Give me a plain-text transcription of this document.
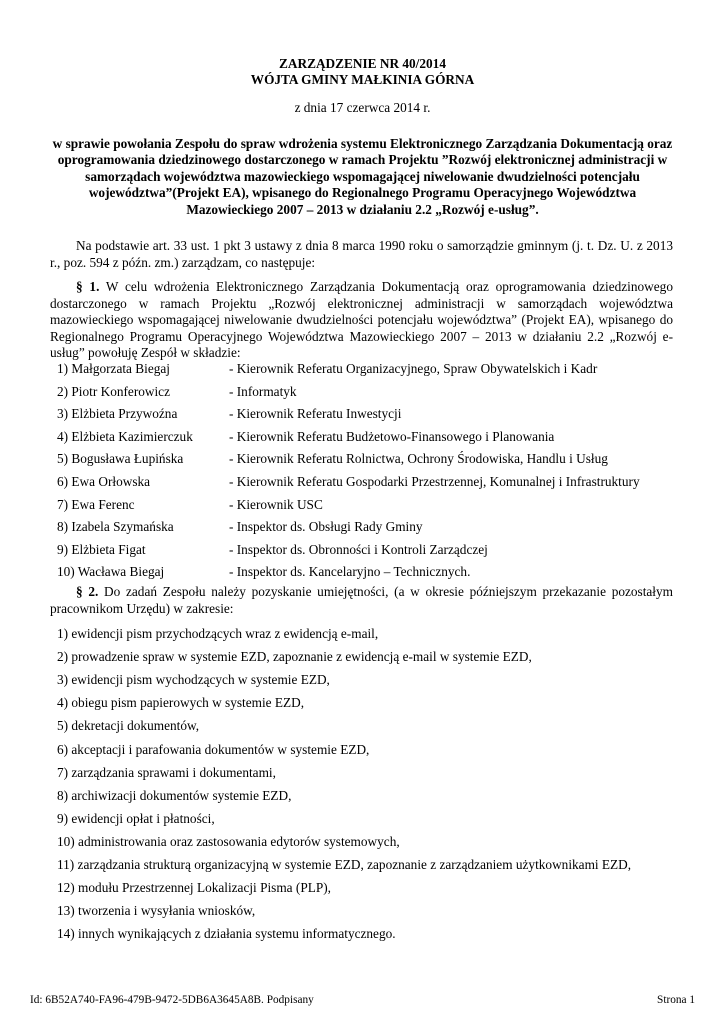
ZARZĄDZENIE NR 40/2014
WÓJTA GMINY MAŁKINIA GÓRNA
z dnia 17 czerwca 2014 r.
w sprawie powołania Zespołu do spraw wdrożenia systemu Elektronicznego Zarządzania Dokumentacją oraz oprogramowania dziedzinowego dostarczonego w ramach Projektu ”Rozwój elektronicznej administracji w samorządach województwa mazowieckiego wspomagającej niwelowanie dwudzielności potencjału województwa”(Projekt EA), wpisanego do Regionalnego Programu Operacyjnego Województwa Mazowieckiego 2007 – 2013 w działaniu 2.2 „Rozwój e-usług”.
Na podstawie art. 33 ust. 1 pkt 3 ustawy z dnia 8 marca 1990 roku o samorządzie gminnym (j. t. Dz. U. z 2013 r., poz. 594 z późn. zm.) zarządzam, co następuje:
§ 1. W celu wdrożenia Elektronicznego Zarządzania Dokumentacją oraz oprogramowania dziedzinowego dostarczonego w ramach Projektu „Rozwój elektronicznej administracji w samorządach województwa mazowieckiego wspomagającej niwelowanie dwudzielności potencjału województwa” (Projekt EA), wpisanego do Regionalnego Programu Operacyjnego Województwa Mazowieckiego 2007 – 2013 w działaniu 2.2 „Rozwój e-usług” powołuję Zespół w składzie:
1) Małgorzata Biegaj	- Kierownik Referatu Organizacyjnego, Spraw Obywatelskich i Kadr
2) Piotr Konferowicz	- Informatyk
3) Elżbieta Przywoźna	- Kierownik Referatu Inwestycji
4) Elżbieta Kazimierczuk	- Kierownik Referatu Budżetowo-Finansowego i Planowania
5) Bogusława Łupińska	- Kierownik Referatu Rolnictwa, Ochrony Środowiska, Handlu i Usług
6) Ewa Orłowska	- Kierownik Referatu Gospodarki Przestrzennej, Komunalnej i Infrastruktury
7) Ewa Ferenc	- Kierownik USC
8) Izabela Szymańska	- Inspektor ds. Obsługi Rady Gminy
9) Elżbieta Figat	- Inspektor ds. Obronności i Kontroli Zarządczej
10) Wacława Biegaj	- Inspektor ds. Kancelaryjno – Technicznych.
§ 2. Do zadań Zespołu należy pozyskanie umiejętności, (a w okresie późniejszym przekazanie pozostałym pracownikom Urzędu) w zakresie:
1) ewidencji pism przychodzących wraz z ewidencją e-mail,
2) prowadzenie spraw w systemie EZD, zapoznanie z ewidencją e-mail w systemie EZD,
3) ewidencji pism wychodzących w systemie EZD,
4) obiegu pism papierowych w systemie EZD,
5) dekretacji dokumentów,
6) akceptacji i parafowania dokumentów w systemie EZD,
7) zarządzania sprawami i dokumentami,
8) archiwizacji dokumentów systemie EZD,
9) ewidencji opłat i płatności,
10) administrowania oraz zastosowania edytorów systemowych,
11) zarządzania strukturą organizacyjną w systemie EZD, zapoznanie z zarządzaniem użytkownikami EZD,
12) modułu Przestrzennej Lokalizacji Pisma (PLP),
13) tworzenia i wysyłania wniosków,
14) innych wynikających z działania systemu informatycznego.
Id: 6B52A740-FA96-479B-9472-5DB6A3645A8B. Podpisany	Strona 1
